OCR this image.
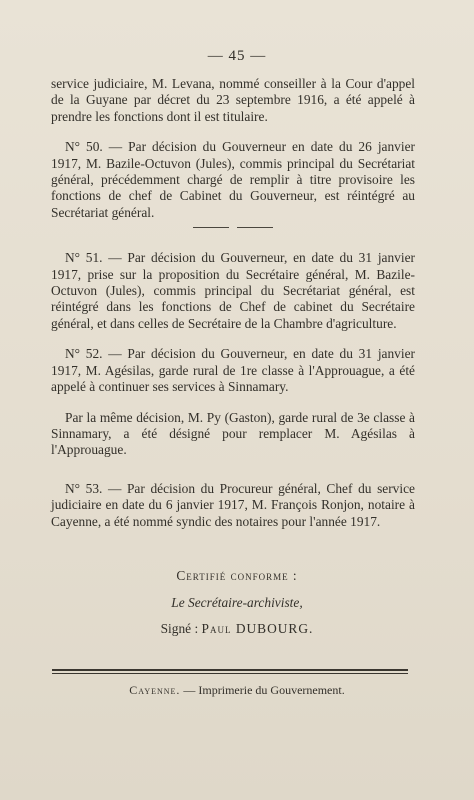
— 45 —

service judiciaire, M. Levana, nommé conseiller à la Cour d'appel de la Guyane par décret du 23 septembre 1916, a été appelé à prendre les fonctions dont il est titulaire.

N° 50. — Par décision du Gouverneur en date du 26 janvier 1917, M. Bazile-Octuvon (Jules), commis principal du Secrétariat général, précédemment chargé de remplir à titre provisoire les fonctions de chef de Cabinet du Gouverneur, est réintégré au Secrétariat général.

N° 51. — Par décision du Gouverneur, en date du 31 janvier 1917, prise sur la proposition du Secrétaire général, M. Bazile-Octuvon (Jules), commis principal du Secrétariat général, est réintégré dans les fonctions de Chef de cabinet du Secrétaire général, et dans celles de Secrétaire de la Chambre d'agriculture.

N° 52. — Par décision du Gouverneur, en date du 31 janvier 1917, M. Agésilas, garde rural de 1re classe à l'Approuague, a été appelé à continuer ses services à Sinnamary.

Par la même décision, M. Py (Gaston), garde rural de 3e classe à Sinnamary, a été désigné pour remplacer M. Agésilas à l'Approuague.

N° 53. — Par décision du Procureur général, Chef du service judiciaire en date du 6 janvier 1917, M. François Ronjon, notaire à Cayenne, a été nommé syndic des notaires pour l'année 1917.

Certifié conforme :
Le Secrétaire-archiviste,
Signé : Paul DUBOURG.
Cayenne. — Imprimerie du Gouvernement.
